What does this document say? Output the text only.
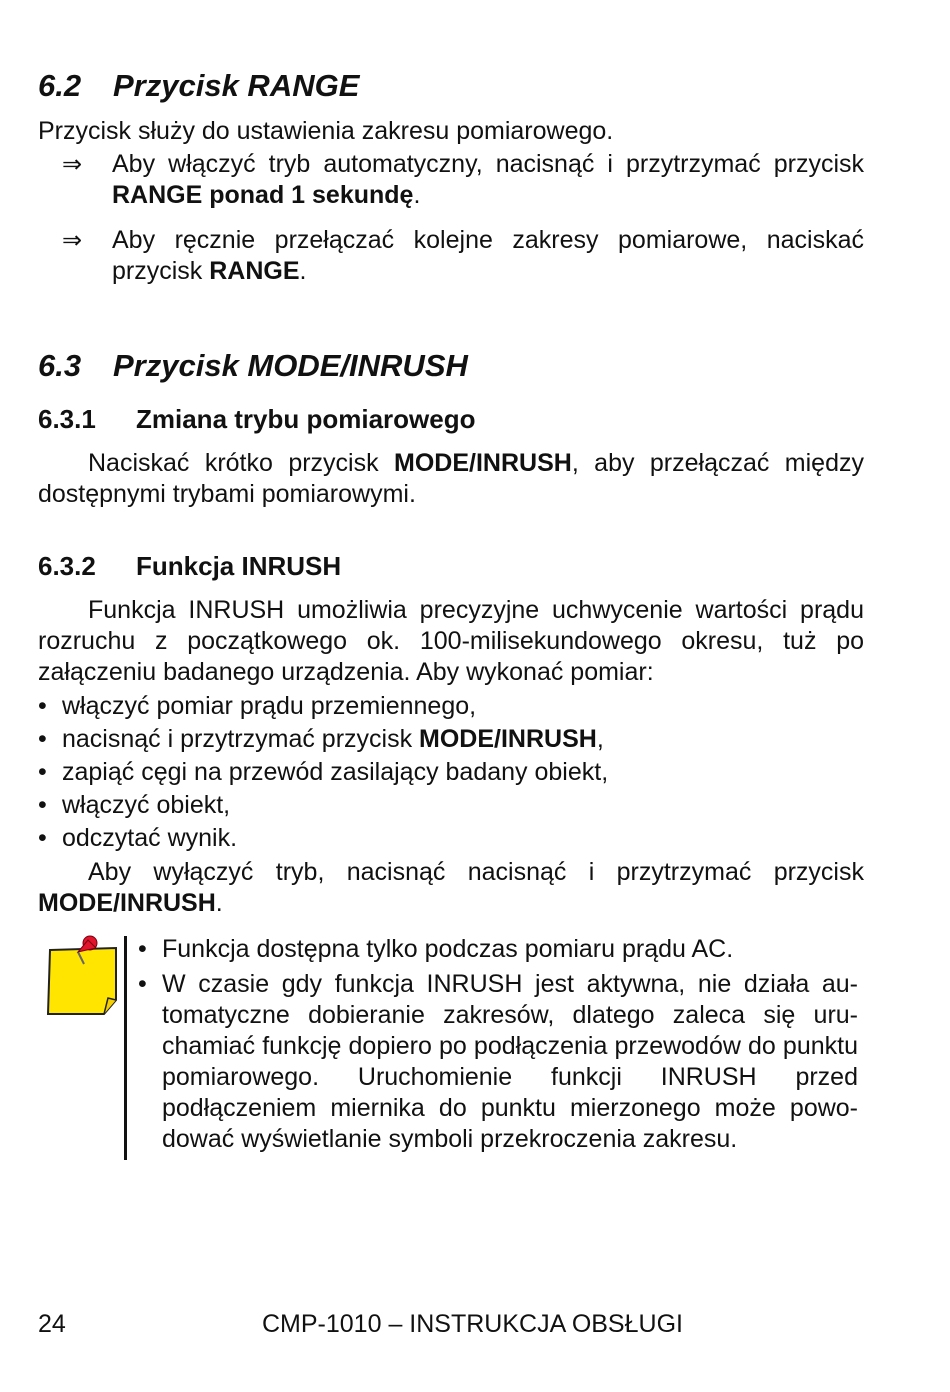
6.2 Przycisk RANGE
Przycisk służy do ustawienia zakresu pomiarowego.
⇒ Aby włączyć tryb automatyczny, nacisnąć i przytrzymać przycisk RANGE ponad 1 sekundę.
⇒ Aby ręcznie przełączać kolejne zakresy pomiarowe, naciskać przycisk RANGE.
6.3 Przycisk MODE/INRUSH
6.3.1 Zmiana trybu pomiarowego
Naciskać krótko przycisk MODE/INRUSH, aby przełączać między dostępnymi trybami pomiarowymi.
6.3.2 Funkcja INRUSH
Funkcja INRUSH umożliwia precyzyjne uchwycenie wartości prądu rozruchu z początkowego ok. 100-milisekundowego okresu, tuż po załączeniu badanego urządzenia. Aby wykonać pomiar:
• włączyć pomiar prądu przemiennego,
• nacisnąć i przytrzymać przycisk MODE/INRUSH,
• zapiąć cęgi na przewód zasilający badany obiekt,
• włączyć obiekt,
• odczytać wynik.
Aby wyłączyć tryb, nacisnąć nacisnąć i przytrzymać przycisk MODE/INRUSH.
• Funkcja dostępna tylko podczas pomiaru prądu AC.
• W czasie gdy funkcja INRUSH jest aktywna, nie działa au-tomatyczne dobieranie zakresów, dlatego zaleca się uru-chamiać funkcję dopiero po podłączenia przewodów do punktu pomiarowego. Uruchomienie funkcji INRUSH przed podłączeniem miernika do punktu mierzonego może powo-dować wyświetlanie symboli przekroczenia zakresu.
24	CMP-1010 – INSTRUKCJA OBSŁUGI
